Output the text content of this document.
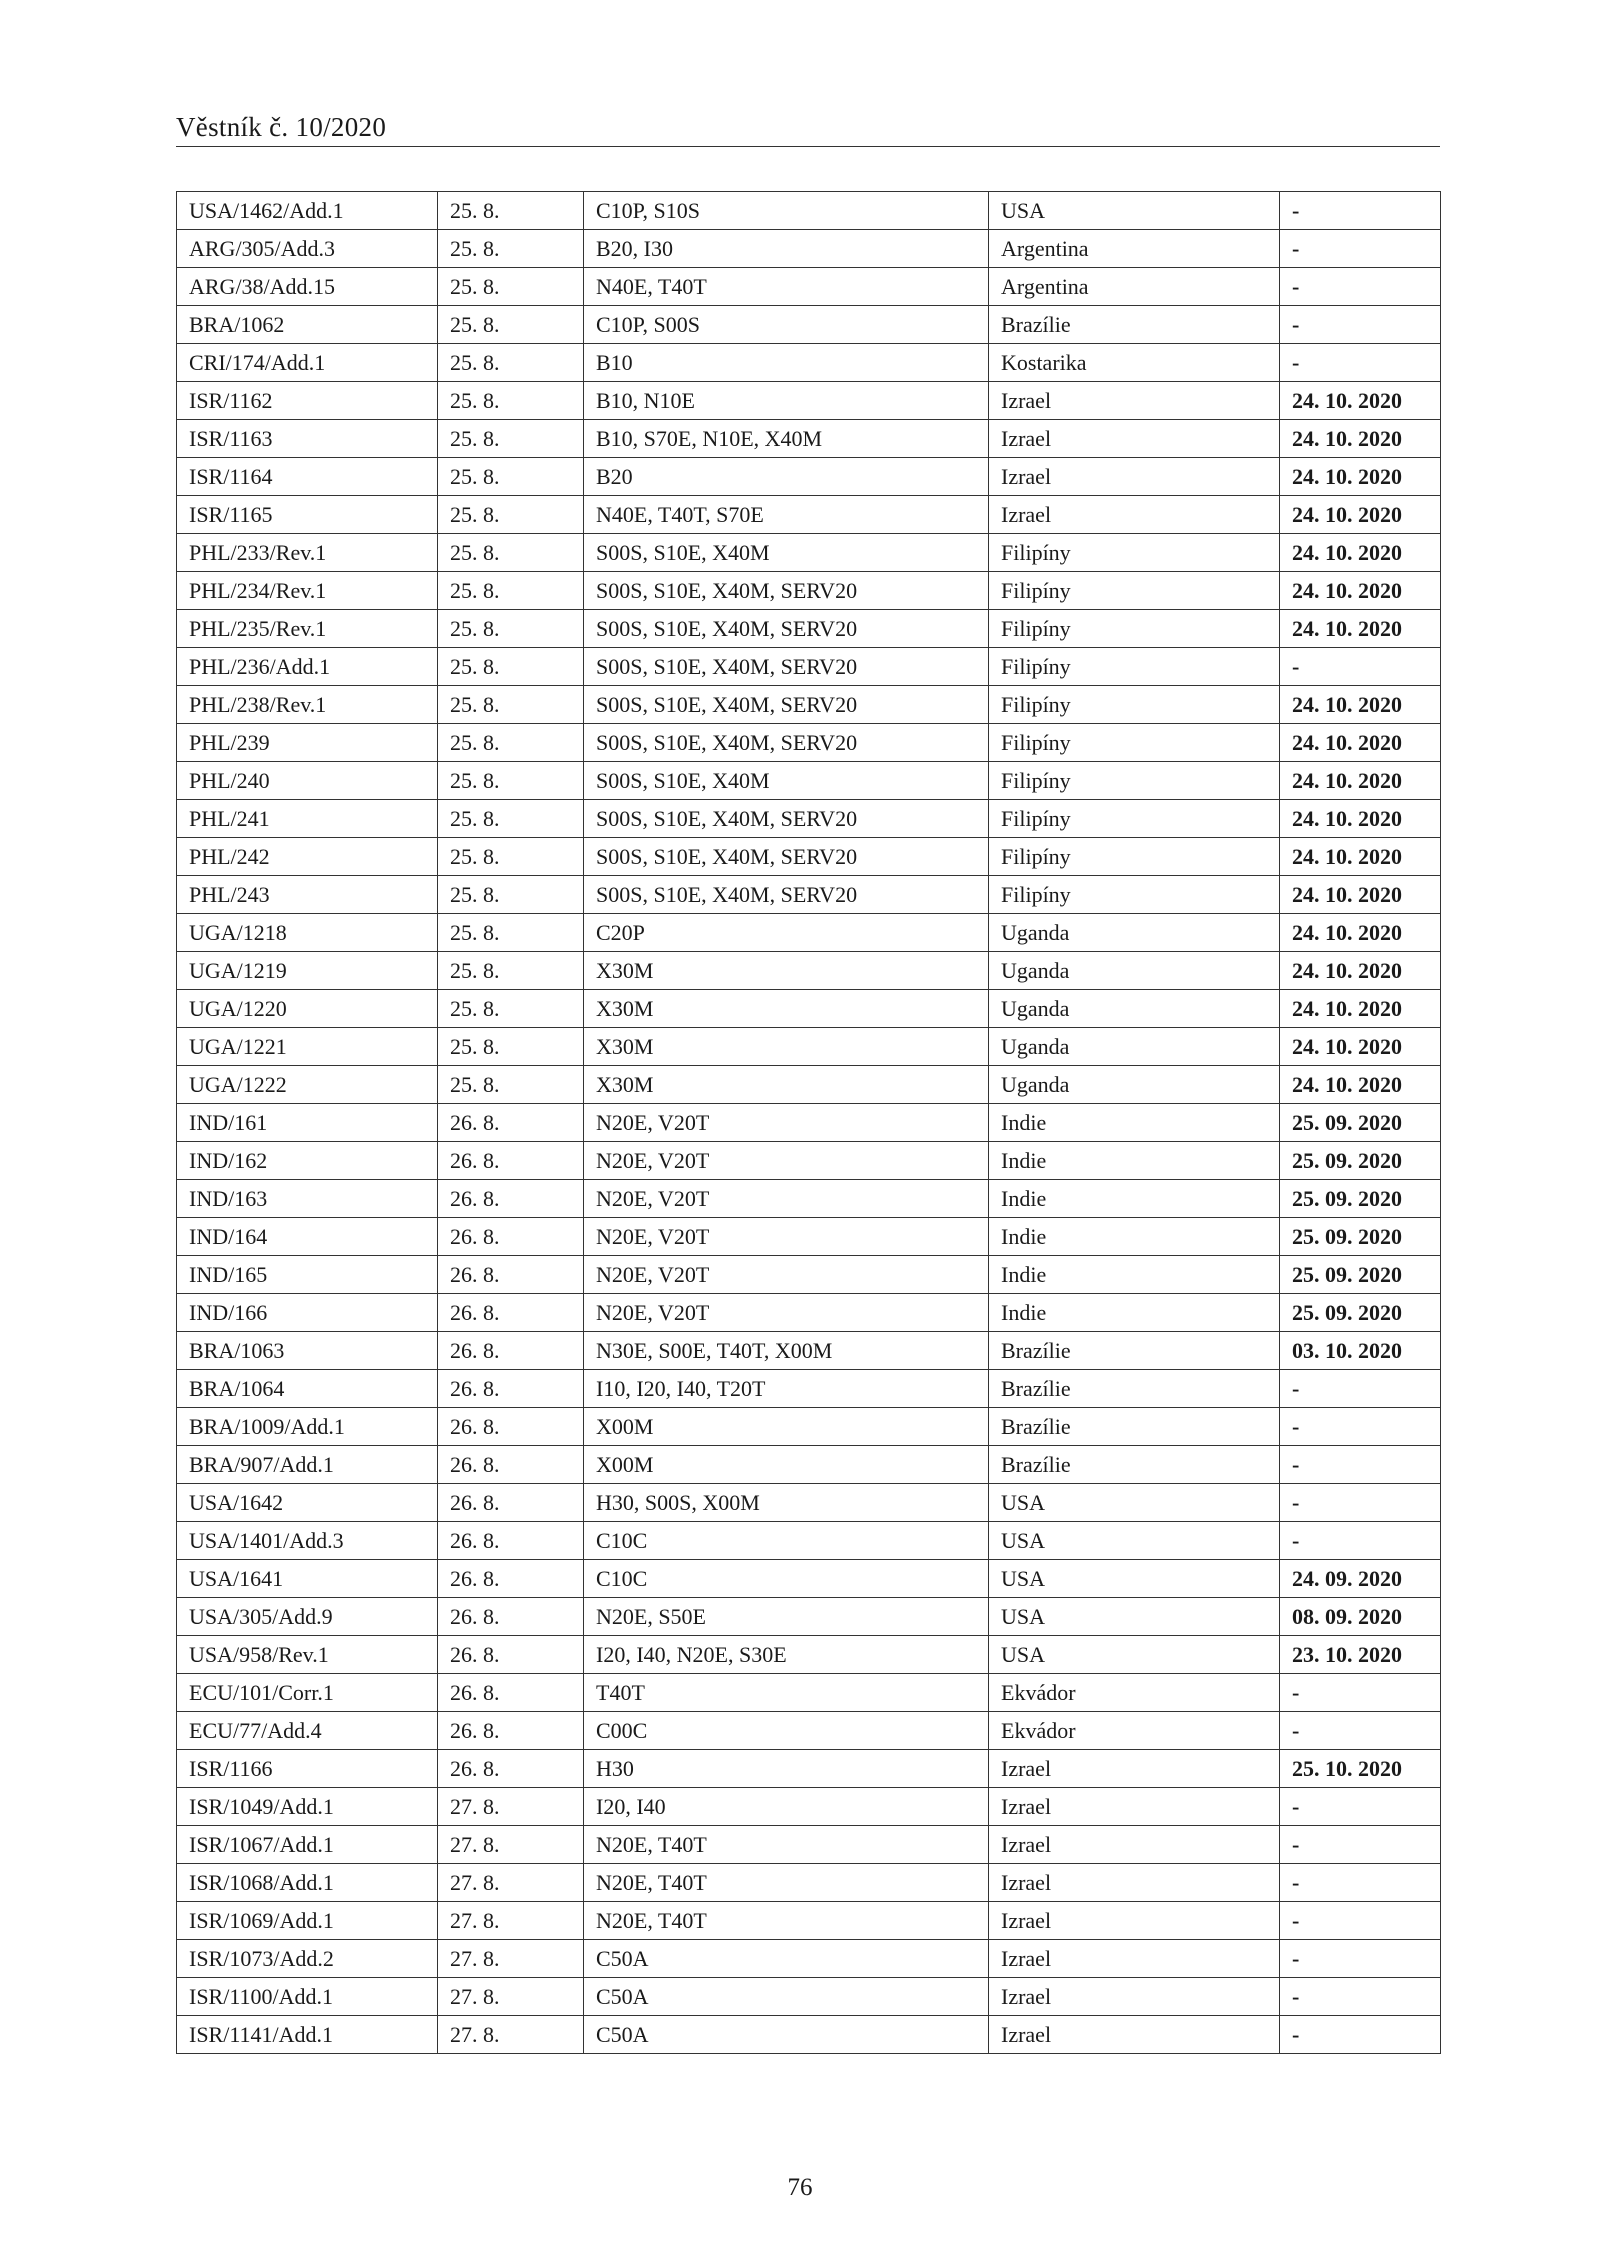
Věstník č. 10/2020
USA/1462/Add.1	25. 8.	C10P, S10S	USA	-
ARG/305/Add.3	25. 8.	B20, I30	Argentina	-
ARG/38/Add.15	25. 8.	N40E, T40T	Argentina	-
BRA/1062	25. 8.	C10P, S00S	Brazílie	-
CRI/174/Add.1	25. 8.	B10	Kostarika	-
ISR/1162	25. 8.	B10, N10E	Izrael	24. 10. 2020
ISR/1163	25. 8.	B10, S70E, N10E, X40M	Izrael	24. 10. 2020
ISR/1164	25. 8.	B20	Izrael	24. 10. 2020
ISR/1165	25. 8.	N40E, T40T, S70E	Izrael	24. 10. 2020
PHL/233/Rev.1	25. 8.	S00S, S10E, X40M	Filipíny	24. 10. 2020
PHL/234/Rev.1	25. 8.	S00S, S10E, X40M, SERV20	Filipíny	24. 10. 2020
PHL/235/Rev.1	25. 8.	S00S, S10E, X40M, SERV20	Filipíny	24. 10. 2020
PHL/236/Add.1	25. 8.	S00S, S10E, X40M, SERV20	Filipíny	-
PHL/238/Rev.1	25. 8.	S00S, S10E, X40M, SERV20	Filipíny	24. 10. 2020
PHL/239	25. 8.	S00S, S10E, X40M, SERV20	Filipíny	24. 10. 2020
PHL/240	25. 8.	S00S, S10E, X40M	Filipíny	24. 10. 2020
PHL/241	25. 8.	S00S, S10E, X40M, SERV20	Filipíny	24. 10. 2020
PHL/242	25. 8.	S00S, S10E, X40M, SERV20	Filipíny	24. 10. 2020
PHL/243	25. 8.	S00S, S10E, X40M, SERV20	Filipíny	24. 10. 2020
UGA/1218	25. 8.	C20P	Uganda	24. 10. 2020
UGA/1219	25. 8.	X30M	Uganda	24. 10. 2020
UGA/1220	25. 8.	X30M	Uganda	24. 10. 2020
UGA/1221	25. 8.	X30M	Uganda	24. 10. 2020
UGA/1222	25. 8.	X30M	Uganda	24. 10. 2020
IND/161	26. 8.	N20E, V20T	Indie	25. 09. 2020
IND/162	26. 8.	N20E, V20T	Indie	25. 09. 2020
IND/163	26. 8.	N20E, V20T	Indie	25. 09. 2020
IND/164	26. 8.	N20E, V20T	Indie	25. 09. 2020
IND/165	26. 8.	N20E, V20T	Indie	25. 09. 2020
IND/166	26. 8.	N20E, V20T	Indie	25. 09. 2020
BRA/1063	26. 8.	N30E, S00E, T40T, X00M	Brazílie	03. 10. 2020
BRA/1064	26. 8.	I10, I20, I40, T20T	Brazílie	-
BRA/1009/Add.1	26. 8.	X00M	Brazílie	-
BRA/907/Add.1	26. 8.	X00M	Brazílie	-
USA/1642	26. 8.	H30, S00S, X00M	USA	-
USA/1401/Add.3	26. 8.	C10C	USA	-
USA/1641	26. 8.	C10C	USA	24. 09. 2020
USA/305/Add.9	26. 8.	N20E, S50E	USA	08. 09. 2020
USA/958/Rev.1	26. 8.	I20, I40, N20E, S30E	USA	23. 10. 2020
ECU/101/Corr.1	26. 8.	T40T	Ekvádor	-
ECU/77/Add.4	26. 8.	C00C	Ekvádor	-
ISR/1166	26. 8.	H30	Izrael	25. 10. 2020
ISR/1049/Add.1	27. 8.	I20, I40	Izrael	-
ISR/1067/Add.1	27. 8.	N20E, T40T	Izrael	-
ISR/1068/Add.1	27. 8.	N20E, T40T	Izrael	-
ISR/1069/Add.1	27. 8.	N20E, T40T	Izrael	-
ISR/1073/Add.2	27. 8.	C50A	Izrael	-
ISR/1100/Add.1	27. 8.	C50A	Izrael	-
ISR/1141/Add.1	27. 8.	C50A	Izrael	-
76
